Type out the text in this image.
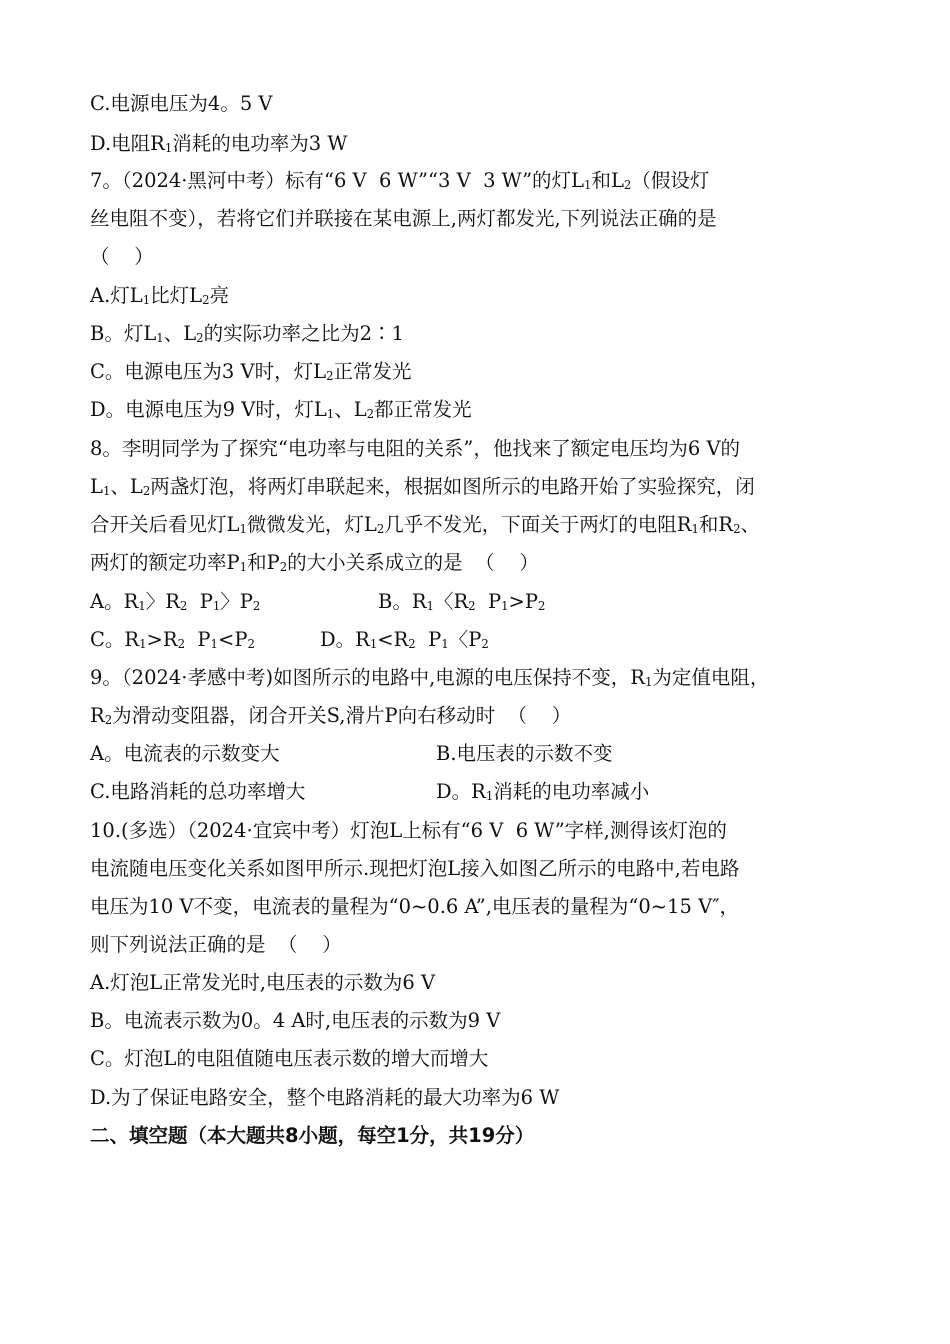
C.电源电压为4。5 V
D.电阻$R_1$消耗的电功率为3 W
7。（2024·黑河中考）标有“6 V  6 W”“3 V  3 W”的灯$L_1$和$L_2$（假设灯
丝电阻不变），若将它们并联接在某电源上,两灯都发光,下列说法正确的是
（    ）
A.灯$L_1$比灯$L_2$亮
B。灯$L_1$、$L_2$的实际功率之比为2∶1
C。电源电压为3 V时，灯$L_2$正常发光
D。电源电压为9 V时，灯$L_1$、$L_2$都正常发光
8。李明同学为了探究“电功率与电阻的关系”，他找来了额定电压均为6 V的
$L_1$、$L_2$两盏灯泡，将两灯串联起来，根据如图所示的电路开始了实验探究，闭
合开关后看见灯$L_1$微微发光，灯$L_2$几乎不发光，下面关于两灯的电阻$R_1$和$R_2$、
两灯的额定功率$P_1$和$P_2$的大小关系成立的是  （    ）
A。$R_1$〉$R_2$  $P_1$〉$P_2$	B。$R_1$〈$R_2$  $P_1>P_2$
C。$R_1>R_2$  $P_1<P_2$	D。$R_1<R_2$  $P_1$〈$P_2$
9。（2024·孝感中考)如图所示的电路中,电源的电压保持不变，$R_1$为定值电阻，
$R_2$为滑动变阻器，闭合开关S,滑片P向右移动时  （    ）
A。电流表的示数变大	B.电压表的示数不变
C.电路消耗的总功率增大	D。$R_1$消耗的电功率减小
10.(多选）（2024·宜宾中考）灯泡L上标有“6 V  6 W”字样,测得该灯泡的
电流随电压变化关系如图甲所示.现把灯泡L接入如图乙所示的电路中,若电路
电压为10 V不变，电流表的量程为“0~0.6 A”,电压表的量程为“0~15 V″，
则下列说法正确的是  （    ）
A.灯泡L正常发光时,电压表的示数为6 V
B。电流表示数为0。4 A时,电压表的示数为9 V
C。灯泡L的电阻值随电压表示数的增大而增大
D.为了保证电路安全，整个电路消耗的最大功率为6 W
二、填空题（本大题共8小题，每空1分，共19分）
